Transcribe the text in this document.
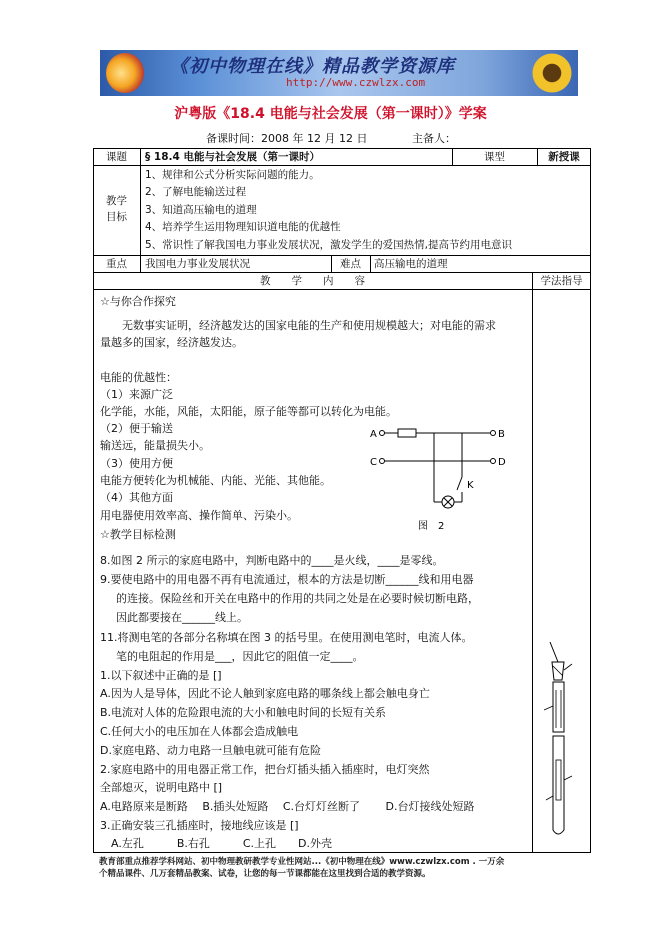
《初中物理在线》精品教学资源库
http://www.czwlzx.com
沪粤版《18.4 电能与社会发展（第一课时）》学案
备课时间：2008 年 12 月 12 日	主备人：
课题	§ 18.4 电能与社会发展（第一课时）	课型	新授课
教学
目标
1、规律和公式分析实际问题的能力。
2、了解电能输送过程
3、知道高压输电的道理
4、培养学生运用物理知识道电能的优越性
5、常识性了解我国电力事业发展状况，激发学生的爱国热情,提高节约用电意识
重点	我国电力事业发展状况	难点	高压输电的道理
教　　学　　内　　容	学法指导
☆与你合作探究
无数事实证明，经济越发达的国家电能的生产和使用规模越大；对电能的需求
量越多的国家，经济越发达。
电能的优越性：
（1）来源广泛
化学能，水能，风能，太阳能，原子能等都可以转化为电能。
（2）便于输送
输送远，能量损失小。
（3）使用方便
电能方便转化为机械能、内能、光能、其他能。
（4）其他方面
用电器使用效率高、操作简单、污染小。
A	B
C	D
K
图　2
☆教学目标检测
8.如图 2 所示的家庭电路中，判断电路中的____是火线，____是零线。
9.要使电路中的用电器不再有电流通过，根本的方法是切断______线和用电器
的连接。保险丝和开关在电路中的作用的共同之处是在必要时候切断电路，
因此都要接在______线上。
11.将测电笔的各部分名称填在图 3 的括号里。在使用测电笔时，电流人体。
笔的电阻起的作用是___，因此它的阻值一定____。
1.以下叙述中正确的是 []
A.因为人是导体，因此不论人触到家庭电路的哪条线上都会触电身亡
B.电流对人体的危险跟电流的大小和触电时间的长短有关系
C.任何大小的电压加在人体都会造成触电
D.家庭电路、动力电路一旦触电就可能有危险
2.家庭电路中的用电器正常工作，把台灯插头插入插座时，电灯突然
全部熄灭，说明电路中 []
A.电路原来是断路　 B.插头处短路　 C.台灯灯丝断了　　 D.台灯接线处短路
3.正确安装三孔插座时，接地线应该是 []
　A.左孔　　　B.右孔　　　C.上孔　　D.外壳
教育部重点推荐学科网站、初中物理教研教学专业性网站...《初中物理在线》www.czwlzx.com . 一万余
个精品课件、几万套精品教案、试卷，让您的每一节课都能在这里找到合适的教学资源。
